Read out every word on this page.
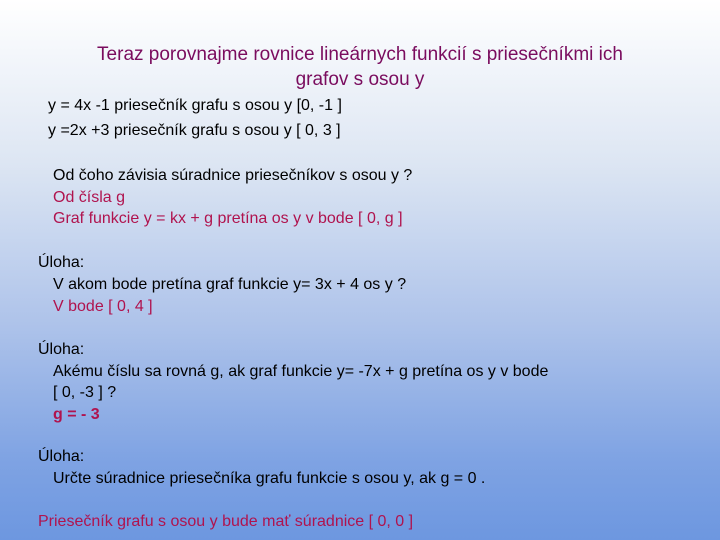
Teraz porovnajme rovnice lineárnych funkcií s priesečníkmi ich
grafov s osou y
y = 4x -1 priesečník grafu s osou y [0, -1 ]
y =2x +3 priesečník grafu s osou y [ 0, 3 ]
Od čoho závisia súradnice priesečníkov s osou y ?
Od čísla g
Graf funkcie y = kx + g pretína os y v bode [ 0, g ]
Úloha:
V akom bode pretína graf funkcie y= 3x + 4 os y ?
V bode [ 0, 4 ]
Úloha:
Akému číslu sa rovná g, ak graf funkcie y= -7x + g pretína os y v bode
[ 0, -3 ] ?
g = - 3
Úloha:
Určte súradnice priesečníka grafu funkcie s osou y, ak g = 0 .
Priesečník grafu s osou y bude mať súradnice [ 0, 0 ]
